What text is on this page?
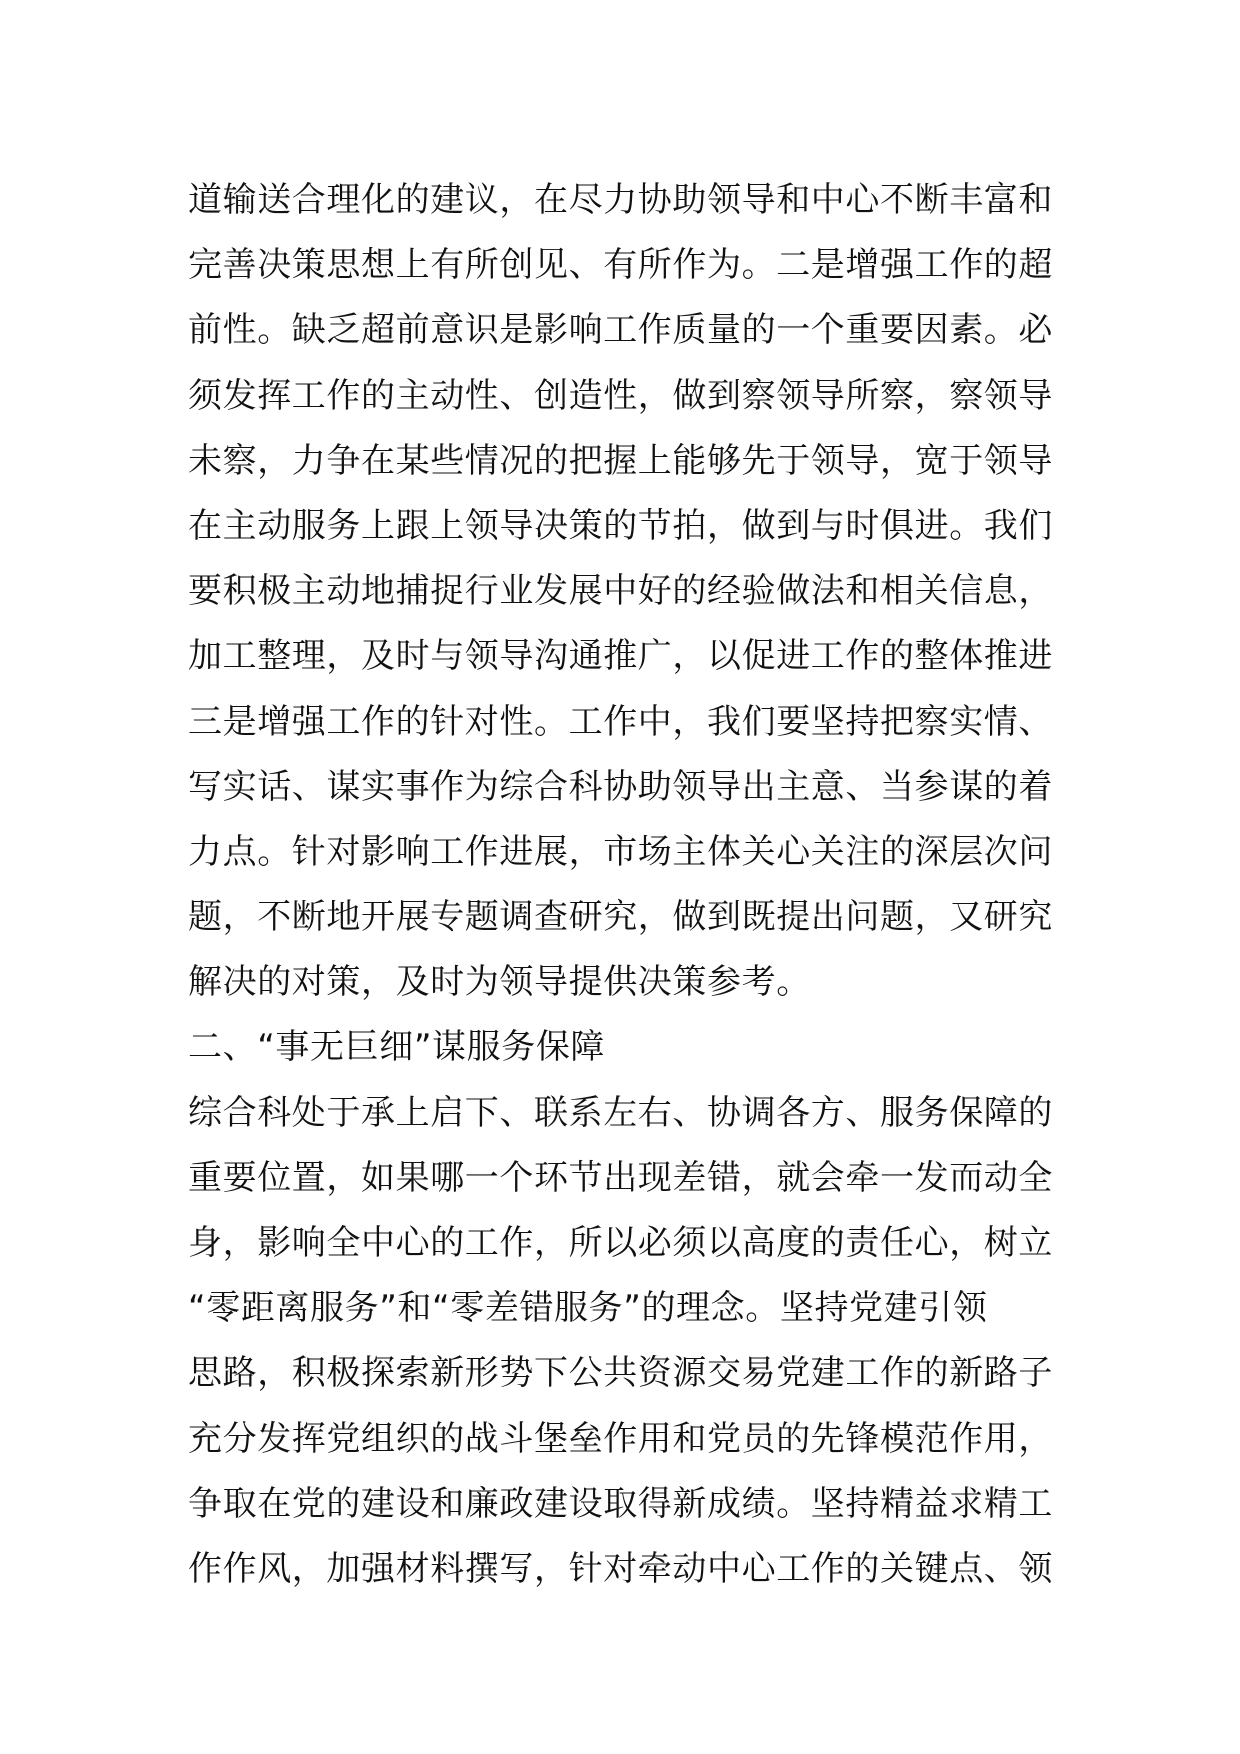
道输送合理化的建议，在尽力协助领导和中心不断丰富和
完善决策思想上有所创见、有所作为。二是增强工作的超
前性。缺乏超前意识是影响工作质量的一个重要因素。必
须发挥工作的主动性、创造性，做到察领导所察，察领导
未察，力争在某些情况的把握上能够先于领导，宽于领导
在主动服务上跟上领导决策的节拍，做到与时俱进。我们
要积极主动地捕捉行业发展中好的经验做法和相关信息，
加工整理，及时与领导沟通推广，以促进工作的整体推进
三是增强工作的针对性。工作中，我们要坚持把察实情、
写实话、谋实事作为综合科协助领导出主意、当参谋的着
力点。针对影响工作进展，市场主体关心关注的深层次问
题，不断地开展专题调查研究，做到既提出问题，又研究
解决的对策，及时为领导提供决策参考。
二、“事无巨细”谋服务保障
综合科处于承上启下、联系左右、协调各方、服务保障的
重要位置，如果哪一个环节出现差错，就会牵一发而动全
身，影响全中心的工作，所以必须以高度的责任心，树立
“零距离服务”和“零差错服务”的理念。坚持党建引领
思路，积极探索新形势下公共资源交易党建工作的新路子
充分发挥党组织的战斗堡垒作用和党员的先锋模范作用，
争取在党的建设和廉政建设取得新成绩。坚持精益求精工
作作风，加强材料撰写，针对牵动中心工作的关键点、领
